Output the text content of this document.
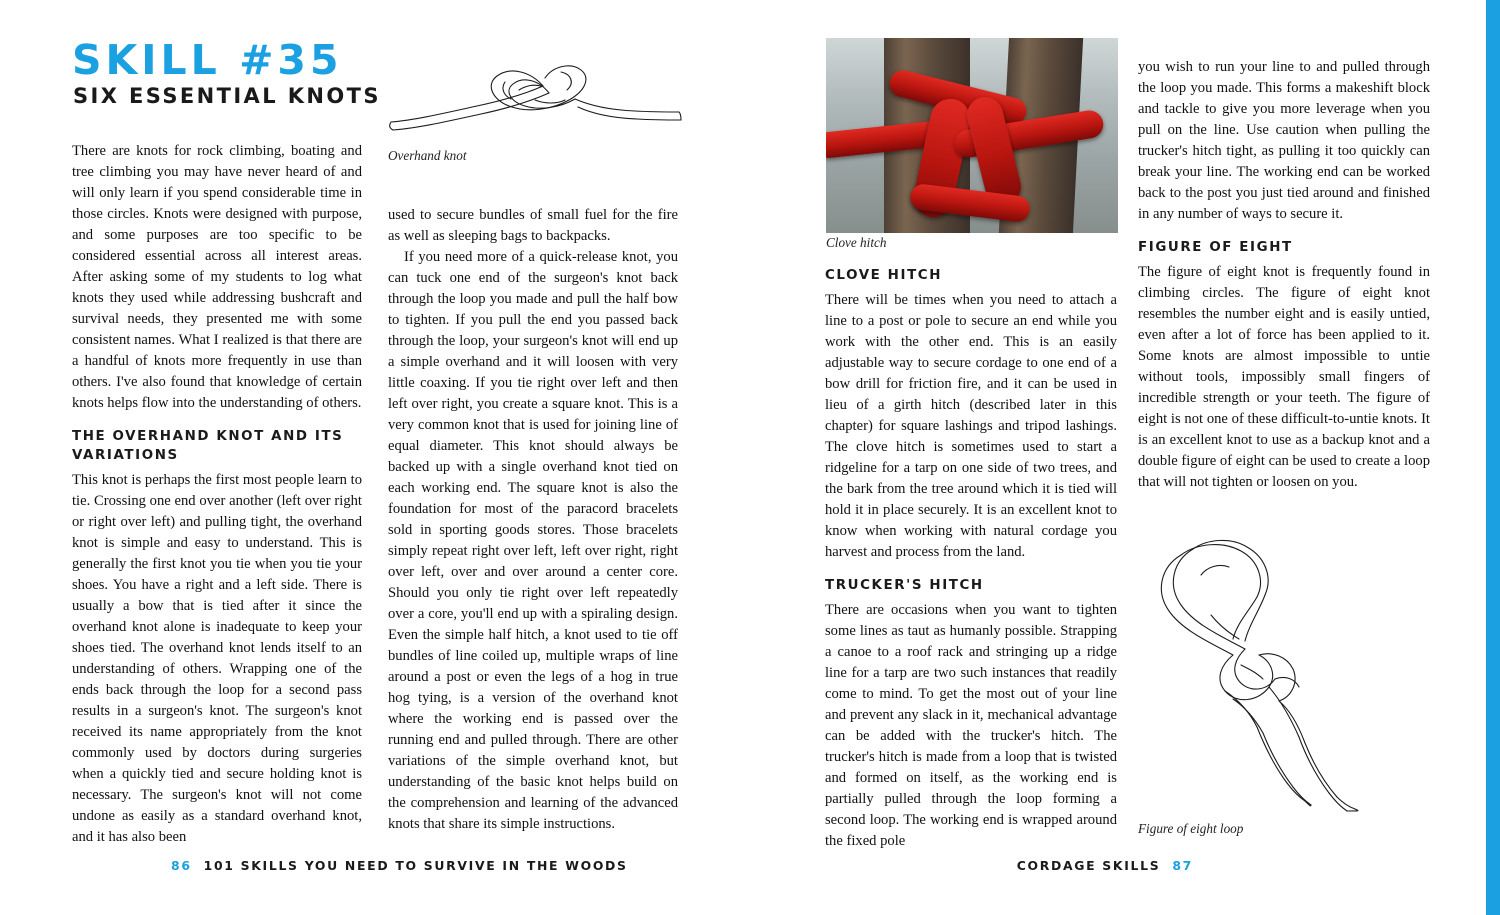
SKILL #35
SIX ESSENTIAL KNOTS
Overhand knot

There are knots for rock climbing, boating and tree climbing you may have never heard of and will only learn if you spend considerable time in those circles. Knots were designed with purpose, and some purposes are too specific to be considered essential across all interest areas. After asking some of my students to log what knots they used while addressing bushcraft and survival needs, they presented me with some consistent names. What I realized is that there are a handful of knots more frequently in use than others. I've also found that knowledge of certain knots helps flow into the understanding of others.

THE OVERHAND KNOT AND ITS VARIATIONS

This knot is perhaps the first most people learn to tie. Crossing one end over another (left over right or right over left) and pulling tight, the overhand knot is simple and easy to understand. This is generally the first knot you tie when you tie your shoes. You have a right and a left side. There is usually a bow that is tied after it since the overhand knot alone is inadequate to keep your shoes tied. The overhand knot lends itself to an understanding of others. Wrapping one of the ends back through the loop for a second pass results in a surgeon's knot. The surgeon's knot received its name appropriately from the knot commonly used by doctors during surgeries when a quickly tied and secure holding knot is necessary. The surgeon's knot will not come undone as easily as a standard overhand knot, and it has also been

used to secure bundles of small fuel for the fire as well as sleeping bags to backpacks.

If you need more of a quick-release knot, you can tuck one end of the surgeon's knot back through the loop you made and pull the half bow to tighten. If you pull the end you passed back through the loop, your surgeon's knot will end up a simple overhand and it will loosen with very little coaxing. If you tie right over left and then left over right, you create a square knot. This is a very common knot that is used for joining line of equal diameter. This knot should always be backed up with a single overhand knot tied on each working end. The square knot is also the foundation for most of the paracord bracelets sold in sporting goods stores. Those bracelets simply repeat right over left, left over right, right over left, over and over around a center core. Should you only tie right over left repeatedly over a core, you'll end up with a spiraling design. Even the simple half hitch, a knot used to tie off bundles of line coiled up, multiple wraps of line around a post or even the legs of a hog in true hog tying, is a version of the overhand knot where the working end is passed over the running end and pulled through. There are other variations of the simple overhand knot, but understanding of the basic knot helps build on the comprehension and learning of the advanced knots that share its simple instructions.

86 101 SKILLS YOU NEED TO SURVIVE IN THE WOODS
Clove hitch
CLOVE HITCH

There will be times when you need to attach a line to a post or pole to secure an end while you work with the other end. This is an easily adjustable way to secure cordage to one end of a bow drill for friction fire, and it can be used in lieu of a girth hitch (described later in this chapter) for square lashings and tripod lashings. The clove hitch is sometimes used to start a ridgeline for a tarp on one side of two trees, and the bark from the tree around which it is tied will hold it in place securely. It is an excellent knot to know when working with natural cordage you harvest and process from the land.

TRUCKER'S HITCH

There are occasions when you want to tighten some lines as taut as humanly possible. Strapping a canoe to a roof rack and stringing up a ridge line for a tarp are two such instances that readily come to mind. To get the most out of your line and prevent any slack in it, mechanical advantage can be added with the trucker's hitch. The trucker's hitch is made from a loop that is twisted and formed on itself, as the working end is partially pulled through the loop forming a second loop. The working end is wrapped around the fixed pole

you wish to run your line to and pulled through the loop you made. This forms a makeshift block and tackle to give you more leverage when you pull on the line. Use caution when pulling the trucker's hitch tight, as pulling it too quickly can break your line. The working end can be worked back to the post you just tied around and finished in any number of ways to secure it.

FIGURE OF EIGHT

The figure of eight knot is frequently found in climbing circles. The figure of eight knot resembles the number eight and is easily untied, even after a lot of force has been applied to it. Some knots are almost impossible to untie without tools, impossibly small fingers of incredible strength or your teeth. The figure of eight is not one of these difficult-to-untie knots. It is an excellent knot to use as a backup knot and a double figure of eight can be used to create a loop that will not tighten or loosen on you.

Figure of eight loop
CORDAGE SKILLS 87
